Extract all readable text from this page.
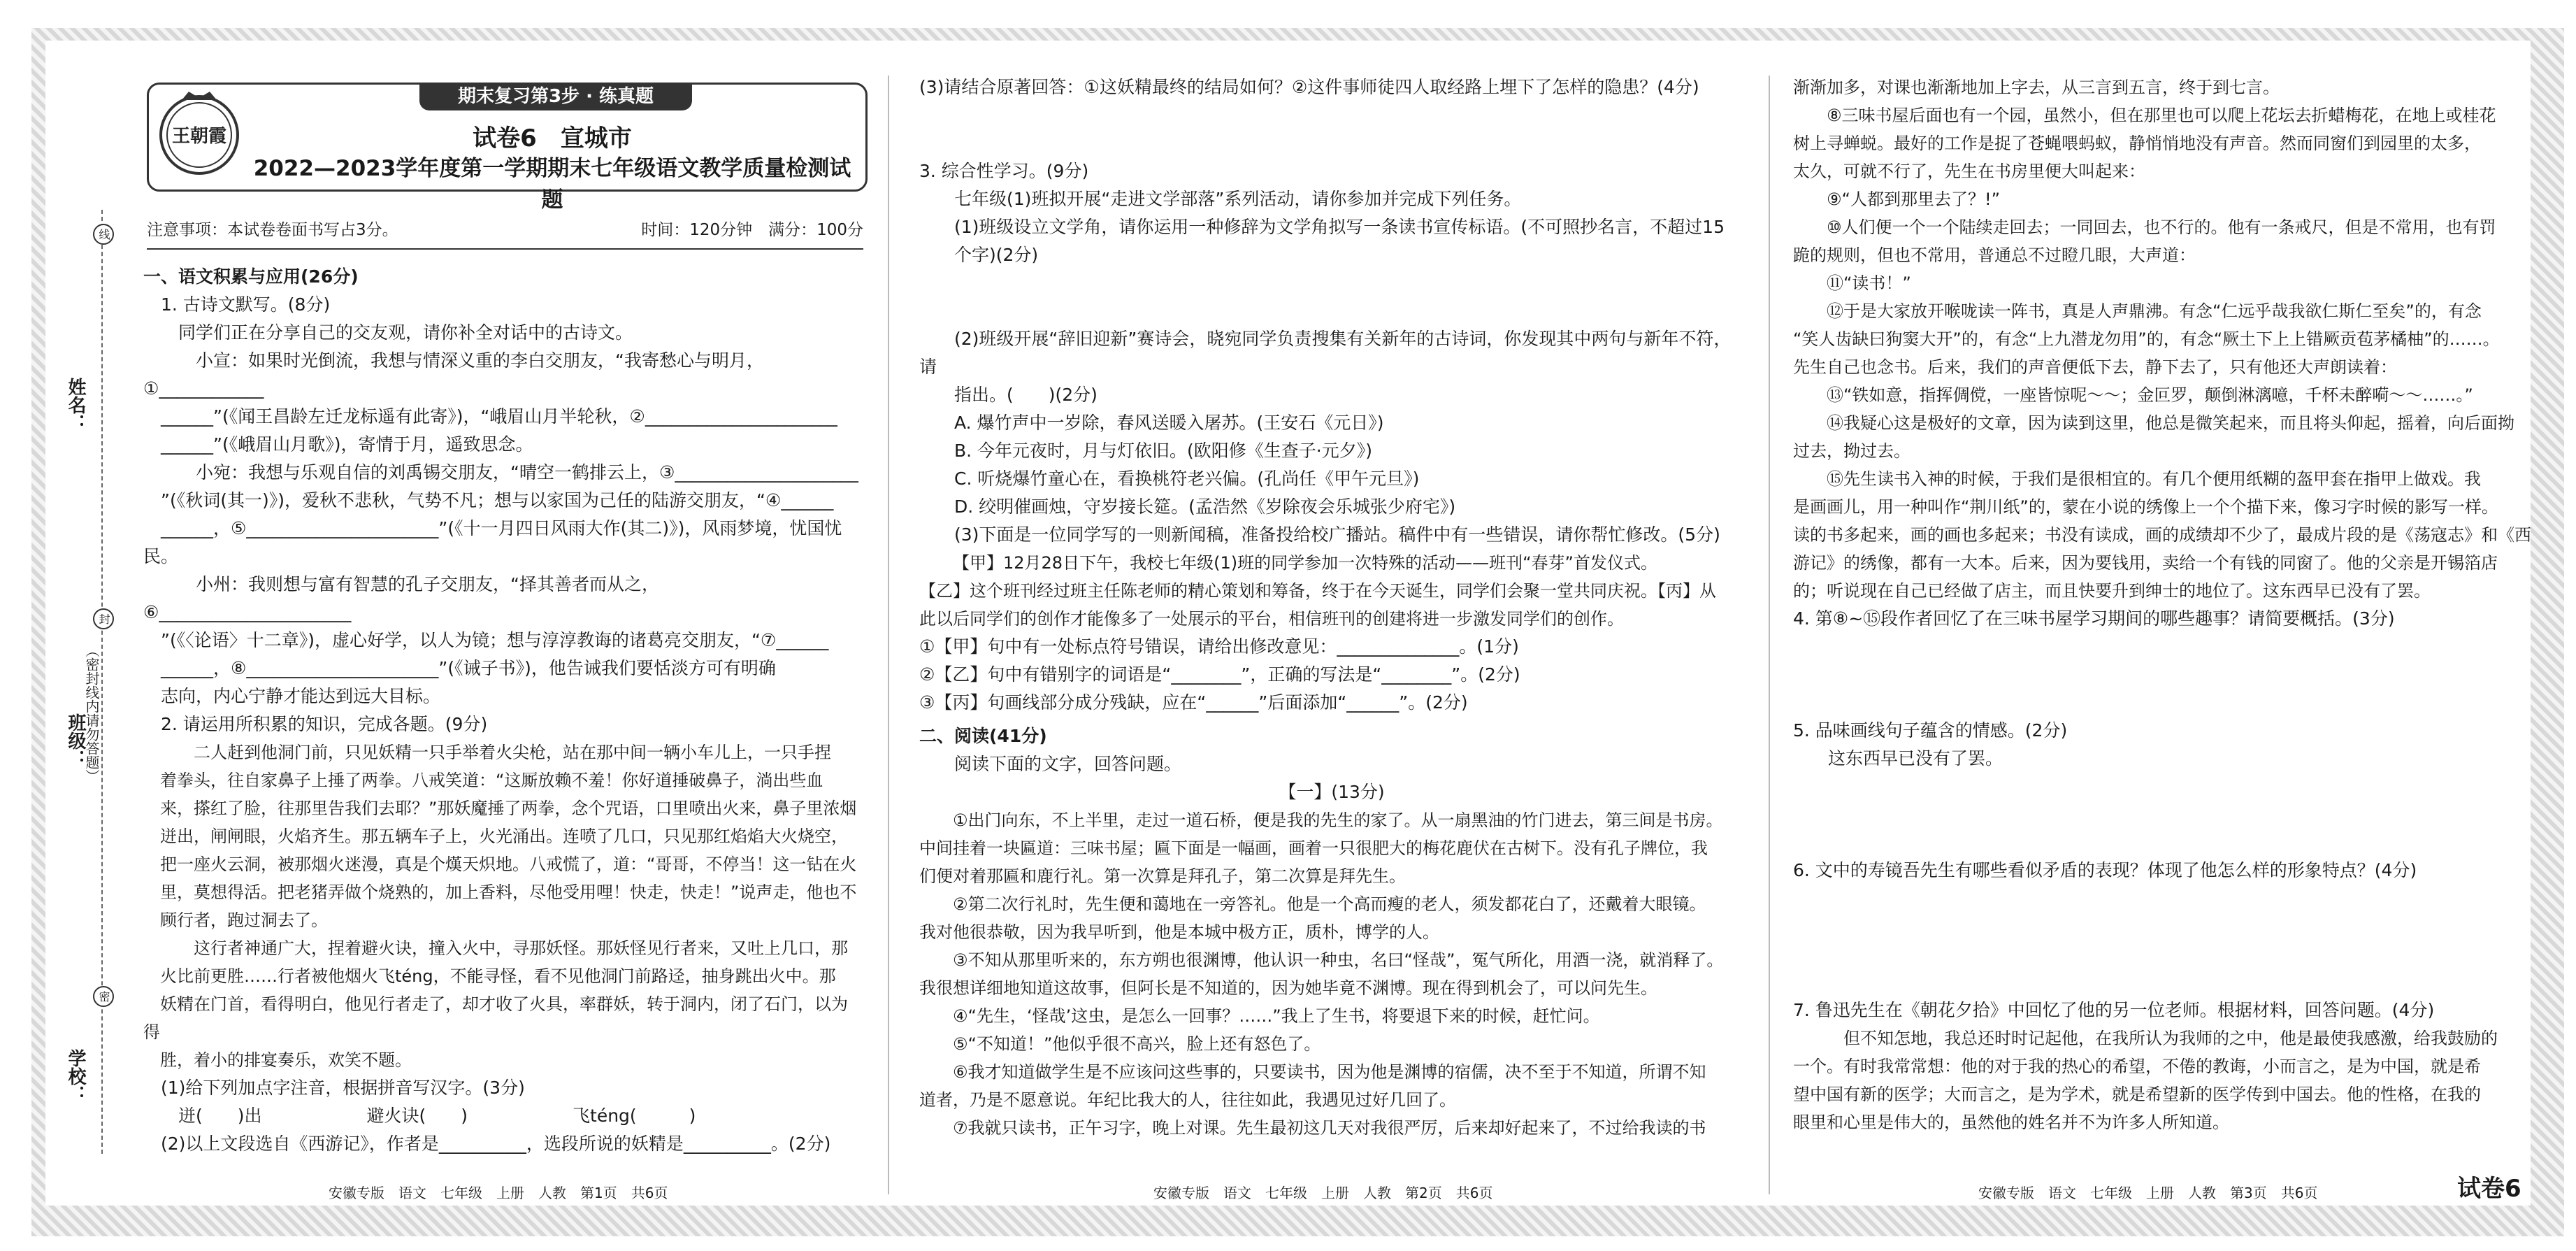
姓名：
班级：
学校：
线
封
密
（密封线内请勿答题）
期末复习第3步 · 练真题
王朝霞	试卷6　宣城市
2022—2023学年度第一学期期末七年级语文教学质量检测试题
注意事项：本试卷卷面书写占3分。	时间：120分钟　满分：100分

一、语文积累与应用(26分)

　1. 古诗文默写。(8分)

同学们正在分享自己的交友观，请你补全对话中的古诗文。

　小宣：如果时光倒流，我想与情深义重的李白交朋友，“我寄愁心与明月，①____________

　______”(《闻王昌龄左迁龙标遥有此寄》)，“峨眉山月半轮秋，②______________________

　______”(《峨眉山月歌》)，寄情于月，遥致思念。

　小宛：我想与乐观自信的刘禹锡交朋友，“晴空一鹤排云上，③_____________________

　”(《秋词(其一)》)，爱秋不悲秋，气势不凡；想与以家国为己任的陆游交朋友，“④______

　______，⑤______________________”(《十一月四日风雨大作(其二)》)，风雨梦境，忧国忧民。

　小州：我则想与富有智慧的孔子交朋友，“择其善者而从之，⑥______________________

　”(《〈论语〉十二章》)，虚心好学，以人为镜；想与淳淳教诲的诸葛亮交朋友，“⑦______

　______，⑧______________________”(《诫子书》)，他告诫我们要恬淡方可有明确

　志向，内心宁静才能达到远大目标。

　2. 请运用所积累的知识，完成各题。(9分)

　二人赶到他洞门前，只见妖精一只手举着火尖枪，站在那中间一辆小车儿上，一只手捏

　着拳头，往自家鼻子上捶了两拳。八戒笑道：“这厮放赖不羞！你好道捶破鼻子，淌出些血

　来，搽红了脸，往那里告我们去耶？”那妖魔捶了两拳，念个咒语，口里喷出火来，鼻子里浓烟

　迸出，闸闸眼，火焰齐生。那五辆车子上，火光涌出。连喷了几口，只见那红焰焰大火烧空，

　把一座火云洞，被那烟火迷漫，真是个熯天炽地。八戒慌了，道：“哥哥，不停当！这一钻在火

　里，莫想得活。把老猪弄做个烧熟的，加上香料，尽他受用哩！快走，快走！”说声走，他也不

　顾行者，跑过洞去了。

　这行者神通广大，捏着避火诀，撞入火中，寻那妖怪。那妖怪见行者来，又吐上几口，那

　火比前更胜……行者被他烟火飞téng，不能寻怪，看不见他洞门前路迳，抽身跳出火中。那

　妖精在门首，看得明白，他见行者走了，却才收了火具，率群妖，转于洞内，闭了石门，以为得

　胜，着小的排宴奏乐，欢笑不题。

　(1)给下列加点字注音，根据拼音写汉字。(3分)

　　迸(　　)出　　　　　　避火诀(　　)　　　　　　飞téng(　　　)

　(2)以上文段选自《西游记》，作者是__________，选段所说的妖精是__________。(2分)

(3)请结合原著回答：①这妖精最终的结局如何？②这件事师徒四人取经路上埋下了怎样的隐患？(4分)

3. 综合性学习。(9分)

七年级(1)班拟开展“走进文学部落”系列活动，请你参加并完成下列任务。

(1)班级设立文学角，请你运用一种修辞为文学角拟写一条读书宣传标语。(不可照抄名言，不超过15

个字)(2分)

(2)班级开展“辞旧迎新”赛诗会，晓宛同学负责搜集有关新年的古诗词，你发现其中两句与新年不符，请

指出。(　　)(2分)

A. 爆竹声中一岁除，春风送暖入屠苏。(王安石《元日》)

B. 今年元夜时，月与灯依旧。(欧阳修《生查子·元夕》)

C. 听烧爆竹童心在，看换桃符老兴偏。(孔尚任《甲午元旦》)

D. 绞明催画烛，守岁接长筵。(孟浩然《岁除夜会乐城张少府宅》)

(3)下面是一位同学写的一则新闻稿，准备投给校广播站。稿件中有一些错误，请你帮忙修改。(5分)

【甲】12月28日下午，我校七年级(1)班的同学参加一次特殊的活动——班刊“春芽”首发仪式。

【乙】这个班刊经过班主任陈老师的精心策划和筹备，终于在今天诞生，同学们会聚一堂共同庆祝。【丙】从

此以后同学们的创作才能像多了一处展示的平台，相信班刊的创建将进一步激发同学们的创作。

①【甲】句中有一处标点符号错误，请给出修改意见：______________。(1分)

②【乙】句中有错别字的词语是“________”，正确的写法是“________”。(2分)

③【丙】句画线部分成分残缺，应在“______”后面添加“______”。(2分)

二、阅读(41分)

阅读下面的文字，回答问题。

【一】(13分)

①出门向东，不上半里，走过一道石桥，便是我的先生的家了。从一扇黑油的竹门进去，第三间是书房。

中间挂着一块匾道：三味书屋；匾下面是一幅画，画着一只很肥大的梅花鹿伏在古树下。没有孔子牌位，我

们便对着那匾和鹿行礼。第一次算是拜孔子，第二次算是拜先生。

②第二次行礼时，先生便和蔼地在一旁答礼。他是一个高而瘦的老人，须发都花白了，还戴着大眼镜。

我对他很恭敬，因为我早听到，他是本城中极方正，质朴，博学的人。

③不知从那里听来的，东方朔也很渊博，他认识一种虫，名曰“怪哉”，冤气所化，用酒一浇，就消释了。

我很想详细地知道这故事，但阿长是不知道的，因为她毕竟不渊博。现在得到机会了，可以问先生。

④“先生，‘怪哉’这虫，是怎么一回事？……”我上了生书，将要退下来的时候，赶忙问。

⑤“不知道！”他似乎很不高兴，脸上还有怒色了。

⑥我才知道做学生是不应该问这些事的，只要读书，因为他是渊博的宿儒，决不至于不知道，所谓不知

道者，乃是不愿意说。年纪比我大的人，往往如此，我遇见过好几回了。

⑦我就只读书，正午习字，晚上对课。先生最初这几天对我很严厉，后来却好起来了，不过给我读的书

渐渐加多，对课也渐渐地加上字去，从三言到五言，终于到七言。

⑧三味书屋后面也有一个园，虽然小，但在那里也可以爬上花坛去折蜡梅花，在地上或桂花

树上寻蝉蜕。最好的工作是捉了苍蝇喂蚂蚁，静悄悄地没有声音。然而同窗们到园里的太多，

太久，可就不行了，先生在书房里便大叫起来：

⑨“人都到那里去了？!”

⑩人们便一个一个陆续走回去；一同回去，也不行的。他有一条戒尺，但是不常用，也有罚

跪的规则，但也不常用，普通总不过瞪几眼，大声道：

⑪“读书！”

⑫于是大家放开喉咙读一阵书，真是人声鼎沸。有念“仁远乎哉我欲仁斯仁至矣”的，有念

“笑人齿缺曰狗窦大开”的，有念“上九潜龙勿用”的，有念“厥土下上上错厥贡苞茅橘柚”的……。

先生自己也念书。后来，我们的声音便低下去，静下去了，只有他还大声朗读着：

⑬“铁如意，指挥倜傥，一座皆惊呢～～；金叵罗，颠倒淋漓噫，千杯未醉嗬～～……。”

⑭我疑心这是极好的文章，因为读到这里，他总是微笑起来，而且将头仰起，摇着，向后面拗

过去，拗过去。

⑮先生读书入神的时候，于我们是很相宜的。有几个便用纸糊的盔甲套在指甲上做戏。我

是画画儿，用一种叫作“荆川纸”的，蒙在小说的绣像上一个个描下来，像习字时候的影写一样。

读的书多起来，画的画也多起来；书没有读成，画的成绩却不少了，最成片段的是《荡寇志》和《西

游记》的绣像，都有一大本。后来，因为要钱用，卖给一个有钱的同窗了。他的父亲是开锡箔店

的；听说现在自己已经做了店主，而且快要升到绅士的地位了。这东西早已没有了罢。

4. 第⑧~⑮段作者回忆了在三味书屋学习期间的哪些趣事？请简要概括。(3分)

5. 品味画线句子蕴含的情感。(2分)

这东西早已没有了罢。

6. 文中的寿镜吾先生有哪些看似矛盾的表现？体现了他怎么样的形象特点？(4分)

7. 鲁迅先生在《朝花夕拾》中回忆了他的另一位老师。根据材料，回答问题。(4分)

　但不知怎地，我总还时时记起他，在我所认为我师的之中，他是最使我感激，给我鼓励的

一个。有时我常常想：他的对于我的热心的希望，不倦的教诲，小而言之，是为中国，就是希

望中国有新的医学；大而言之，是为学术，就是希望新的医学传到中国去。他的性格，在我的

眼里和心里是伟大的，虽然他的姓名并不为许多人所知道。

安徽专版　语文　七年级　上册　人教　第1页　共6页	安徽专版　语文　七年级　上册　人教　第2页　共6页	安徽专版　语文　七年级　上册　人教　第3页　共6页	试卷6
